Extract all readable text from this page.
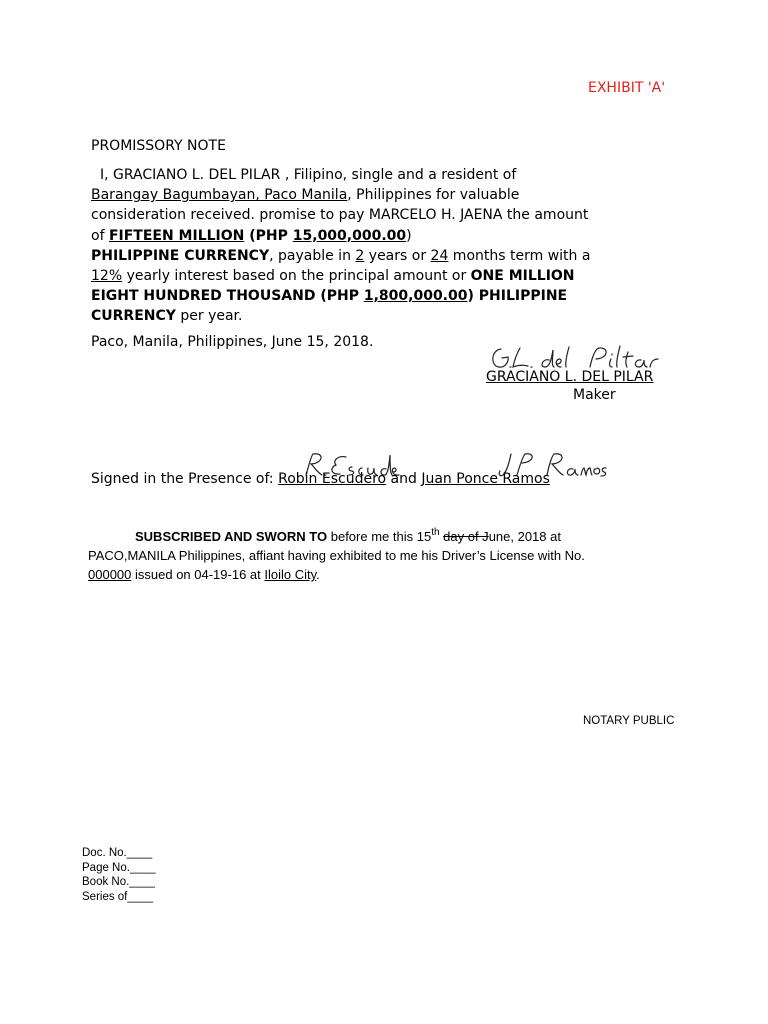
EXHIBIT 'A'
PROMISSORY NOTE
I, GRACIANO L. DEL PILAR , Filipino, single and a resident of
Barangay Bagumbayan, Paco Manila, Philippines for valuable
consideration received. promise to pay MARCELO H. JAENA the amount
of FIFTEEN MILLION (PHP 15,000,000.00)
PHILIPPINE CURRENCY, payable in 2 years or 24 months term with a
12% yearly interest based on the principal amount or ONE MILLION
EIGHT HUNDRED THOUSAND (PHP 1,800,000.00) PHILIPPINE
CURRENCY per year.
Paco, Manila, Philippines, June 15, 2018.
GRACIANO L. DEL PILAR
Maker
Signed in the Presence of: Robin Escudero and Juan Ponce Ramos
SUBSCRIBED AND SWORN TO before me this 15th day of June, 2018 at
PACO,MANILA Philippines, affiant having exhibited to me his Driver’s License with No.
000000 issued on 04-19-16 at Iloilo City.
NOTARY PUBLIC
Doc. No.____
Page No.____
Book No.____
Series of____
